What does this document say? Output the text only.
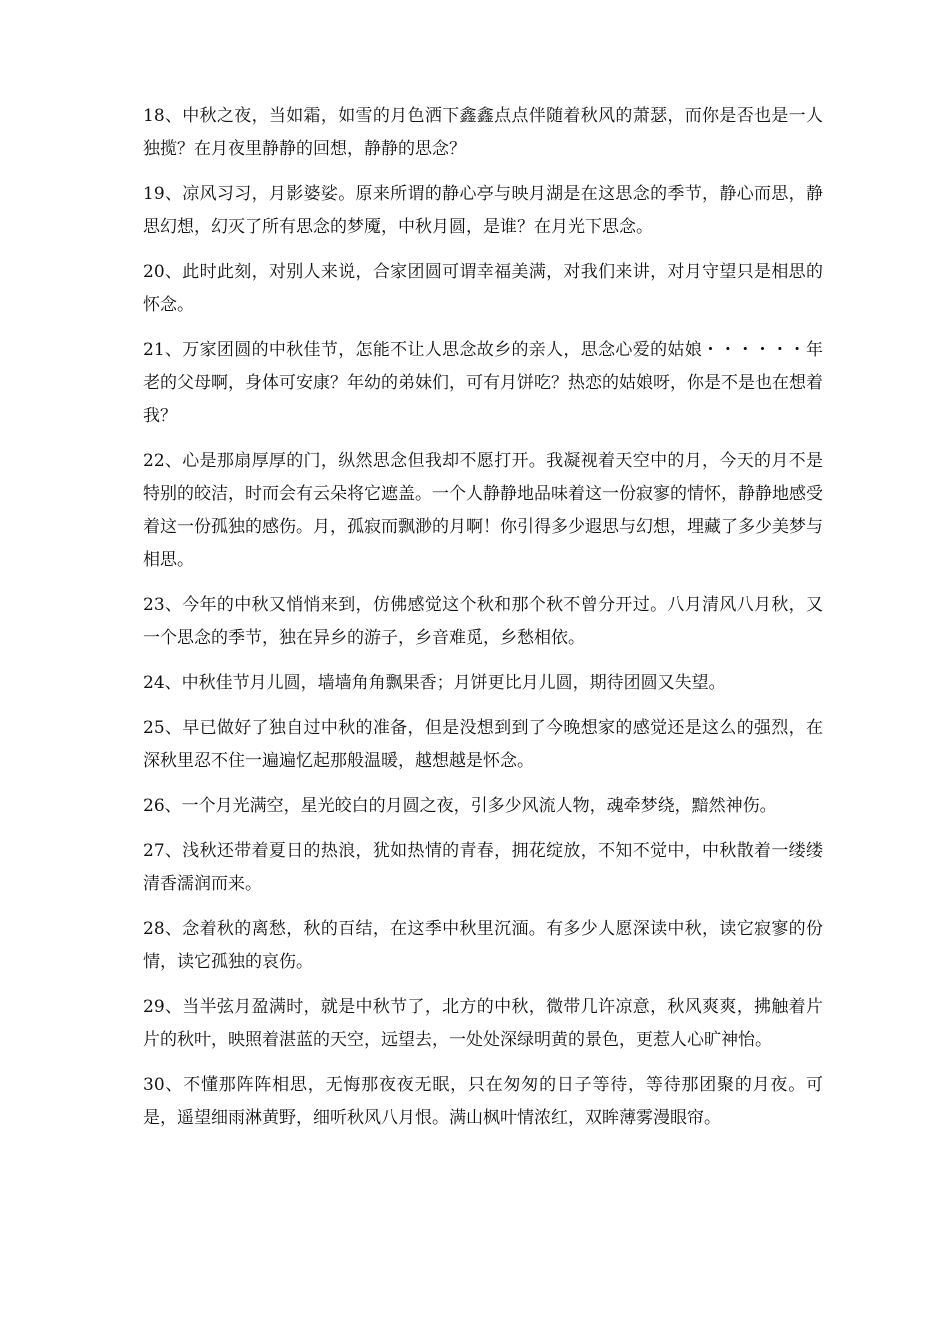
18、中秋之夜，当如霜，如雪的月色洒下鑫鑫点点伴随着秋风的萧瑟，而你是否也是一人独揽？在月夜里静静的回想，静静的思念？

19、凉风习习，月影婆娑。原来所谓的静心亭与映月湖是在这思念的季节，静心而思，静思幻想，幻灭了所有思念的梦魇，中秋月圆，是谁？在月光下思念。

20、此时此刻，对别人来说，合家团圆可谓幸福美满，对我们来讲，对月守望只是相思的怀念。

21、万家团圆的中秋佳节，怎能不让人思念故乡的亲人，思念心爱的姑娘・・・・・・年老的父母啊，身体可安康？年幼的弟妹们，可有月饼吃？热恋的姑娘呀，你是不是也在想着我？

22、心是那扇厚厚的门，纵然思念但我却不愿打开。我凝视着天空中的月，今天的月不是特别的皎洁，时而会有云朵将它遮盖。一个人静静地品味着这一份寂寥的情怀，静静地感受着这一份孤独的感伤。月，孤寂而飘渺的月啊！你引得多少遐思与幻想，埋藏了多少美梦与相思。

23、今年的中秋又悄悄来到，仿佛感觉这个秋和那个秋不曾分开过。八月清风八月秋，又一个思念的季节，独在异乡的游子，乡音难觅，乡愁相依。

24、中秋佳节月儿圆，墙墙角角飘果香；月饼更比月儿圆，期待团圆又失望。

25、早已做好了独自过中秋的准备，但是没想到到了今晚想家的感觉还是这么的强烈，在深秋里忍不住一遍遍忆起那般温暖，越想越是怀念。

26、一个月光满空，星光皎白的月圆之夜，引多少风流人物，魂牵梦绕，黯然神伤。

27、浅秋还带着夏日的热浪，犹如热情的青春，拥花绽放，不知不觉中，中秋散着一缕缕清香濡润而来。

28、念着秋的离愁，秋的百结，在这季中秋里沉湎。有多少人愿深读中秋，读它寂寥的份情，读它孤独的哀伤。

29、当半弦月盈满时，就是中秋节了，北方的中秋，微带几许凉意，秋风爽爽，拂触着片片的秋叶，映照着湛蓝的天空，远望去，一处处深绿明黄的景色，更惹人心旷神怡。

30、不懂那阵阵相思，无悔那夜夜无眠，只在匆匆的日子等待，等待那团聚的月夜。可是，遥望细雨淋黄野，细听秋风八月恨。满山枫叶情浓红，双眸薄雾漫眼帘。
